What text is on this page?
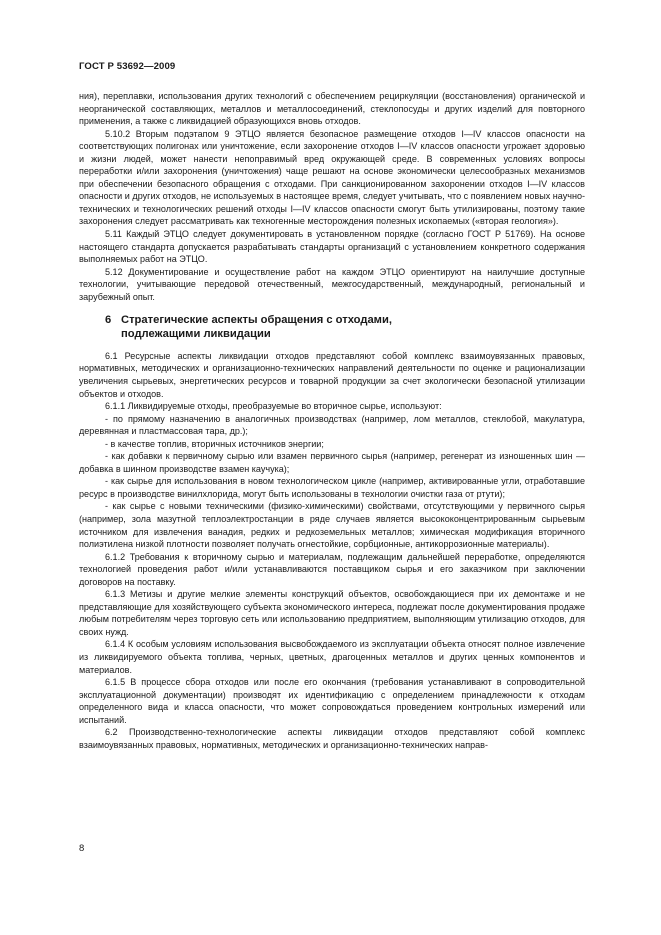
ГОСТ Р 53692—2009

ния), переплавки, использования других технологий с обеспечением рециркуляции (восстановления) органической и неорганической составляющих, металлов и металлосоединений, стеклопосуды и других изделий для повторного применения, а также с ликвидацией образующихся вновь отходов.

5.10.2 Вторым подэтапом 9 ЭТЦО является безопасное размещение отходов I—IV классов опасности на соответствующих полигонах или уничтожение, если захоронение отходов I—IV классов опасности угрожает здоровью и жизни людей, может нанести непоправимый вред окружающей среде. В современных условиях вопросы переработки и/или захоронения (уничтожения) чаще решают на основе экономически целесообразных механизмов при обеспечении безопасного обращения с отходами. При санкционированном захоронении отходов I—IV классов опасности и других отходов, не используемых в настоящее время, следует учитывать, что с появлением новых научно-технических и технологических решений отходы I—IV классов опасности смогут быть утилизированы, поэтому такие захоронения следует рассматривать как техногенные месторождения полезных ископаемых («вторая геология»).

5.11 Каждый ЭТЦО следует документировать в установленном порядке (согласно ГОСТ Р 51769). На основе настоящего стандарта допускается разрабатывать стандарты организаций с установлением конкретного содержания выполняемых работ на ЭТЦО.

5.12 Документирование и осуществление работ на каждом ЭТЦО ориентируют на наилучшие доступные технологии, учитывающие передовой отечественный, межгосударственный, международный, региональный и зарубежный опыт.

6 Стратегические аспекты обращения с отходами,
подлежащими ликвидации

6.1 Ресурсные аспекты ликвидации отходов представляют собой комплекс взаимоувязанных правовых, нормативных, методических и организационно-технических направлений деятельности по оценке и рационализации увеличения сырьевых, энергетических ресурсов и товарной продукции за счет экологически безопасной утилизации объектов и отходов.

6.1.1 Ликвидируемые отходы, преобразуемые во вторичное сырье, используют:

- по прямому назначению в аналогичных производствах (например, лом металлов, стеклобой, макулатура, деревянная и пластмассовая тара, др.);

- в качестве топлив, вторичных источников энергии;

- как добавки к первичному сырью или взамен первичного сырья (например, регенерат из изношенных шин — добавка в шинном производстве взамен каучука);

- как сырье для использования в новом технологическом цикле (например, активированные угли, отработавшие ресурс в производстве винилхлорида, могут быть использованы в технологии очистки газа от ртути);

- как сырье с новыми техническими (физико-химическими) свойствами, отсутствующими у первичного сырья (например, зола мазутной теплоэлектростанции в ряде случаев является высококонцентрированным сырьевым источником для извлечения ванадия, редких и редкоземельных металлов; химическая модификация вторичного полиэтилена низкой плотности позволяет получать огнестойкие, сорбционные, антикоррозионные материалы).

6.1.2 Требования к вторичному сырью и материалам, подлежащим дальнейшей переработке, определяются технологией проведения работ и/или устанавливаются поставщиком сырья и его заказчиком при заключении договоров на поставку.

6.1.3 Метизы и другие мелкие элементы конструкций объектов, освобождающиеся при их демонтаже и не представляющие для хозяйствующего субъекта экономического интереса, подлежат после документирования продаже любым потребителям через торговую сеть или использованию предприятием, выполняющим утилизацию отходов, для своих нужд.

6.1.4 К особым условиям использования высвобождаемого из эксплуатации объекта относят полное извлечение из ликвидируемого объекта топлива, черных, цветных, драгоценных металлов и других ценных компонентов и материалов.

6.1.5 В процессе сбора отходов или после его окончания (требования устанавливают в сопроводительной эксплуатационной документации) производят их идентификацию с определением принадлежности к отходам определенного вида и класса опасности, что может сопровождаться проведением контрольных измерений или испытаний.

6.2 Производственно-технологические аспекты ликвидации отходов представляют собой комплекс взаимоувязанных правовых, нормативных, методических и организационно-технических направ-

8
